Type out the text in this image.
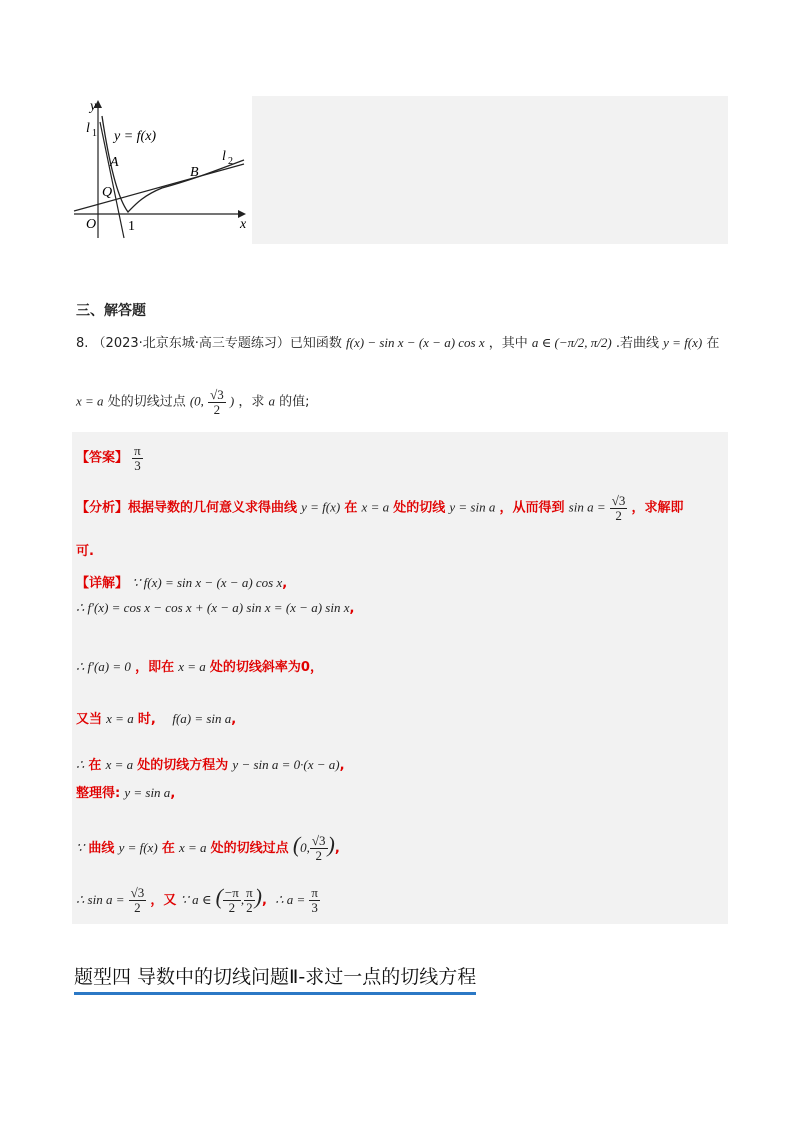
y
x
l 1 y = f(x)
A
B
l 2
Q
O 1
三、解答题
8. （2023·北京东城·高三专题练习）已知函数 f(x) − sin x − (x − a) cos x ，其中 a ∈ (−π/2, π/2) .若曲线 y = f(x) 在
x = a 处的切线过点 (0, $\frac{√3}{2}$ ) ，求 a 的值;
【答案】 $\frac{\pi}{3}$
【分析】根据导数的几何意义求得曲线 y = f(x) 在 x = a 处的切线 y = sin a ，从而得到 $\sin a = \frac{√3}{2}$ ，求解即
可.
【详解】 ∵ f(x) = sin x − (x − a) cos x,
∴ f′(x) = cos x − cos x + (x − a) sin x = (x − a) sin x,
∴ f′(a) = 0 ，即在 x = a 处的切线斜率为0，
又当 x = a 时, f(a) = sin a,
∴ 在 x = a 处的切线方程为 y − sin a = 0·(x − a),
整理得: y = sin a,
∵ 曲线 y = f(x) 在 x = a 处的切线过点 (0, $\frac{√3}{2}$ ),
∴ $\sin a = \frac{√3}{2}$ ，又 ∵ a ∈ ( $\frac{-\pi}{2}$ , $\frac{\pi}{2}$ ), ∴ $a = \frac{\pi}{3}$
题型四 导数中的切线问题Ⅱ-求过一点的切线方程
